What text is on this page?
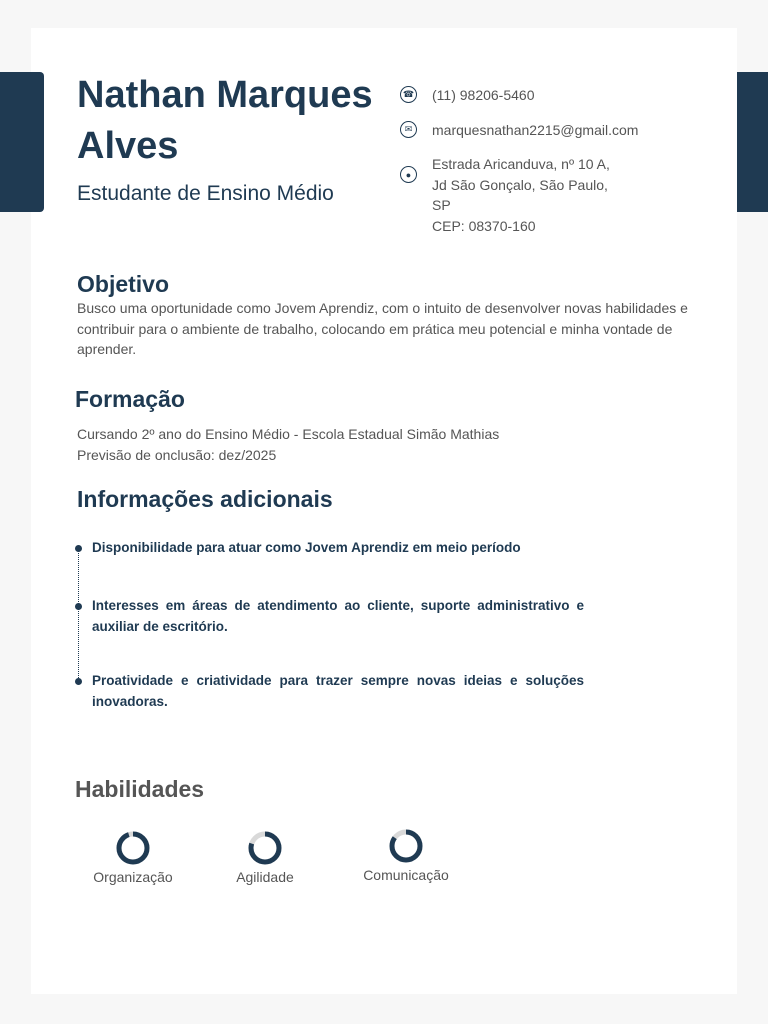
Nathan Marques Alves
Estudante de Ensino Médio
☎ (11) 98206-5460
✉	marquesnathan2215@gmail.com
●
Estrada Aricanduva, nº 10 A, Jd São Gonçalo, São Paulo, SP
CEP: 08370-160
Objetivo
Busco uma oportunidade como Jovem Aprendiz, com o intuito de desenvolver novas habilidades e contribuir para o ambiente de trabalho, colocando em prática meu potencial e minha vontade de aprender.
Formação
Cursando 2º ano do Ensino Médio - Escola Estadual Simão Mathias
Previsão de onclusão: dez/2025
Informações adicionais
Disponibilidade para atuar como Jovem Aprendiz em meio período
Interesses em áreas de atendimento ao cliente, suporte administrativo e auxiliar de escritório.
Proatividade e criatividade para trazer sempre novas ideias e soluções inovadoras.
Habilidades
Organização	Agilidade	Comunicação
